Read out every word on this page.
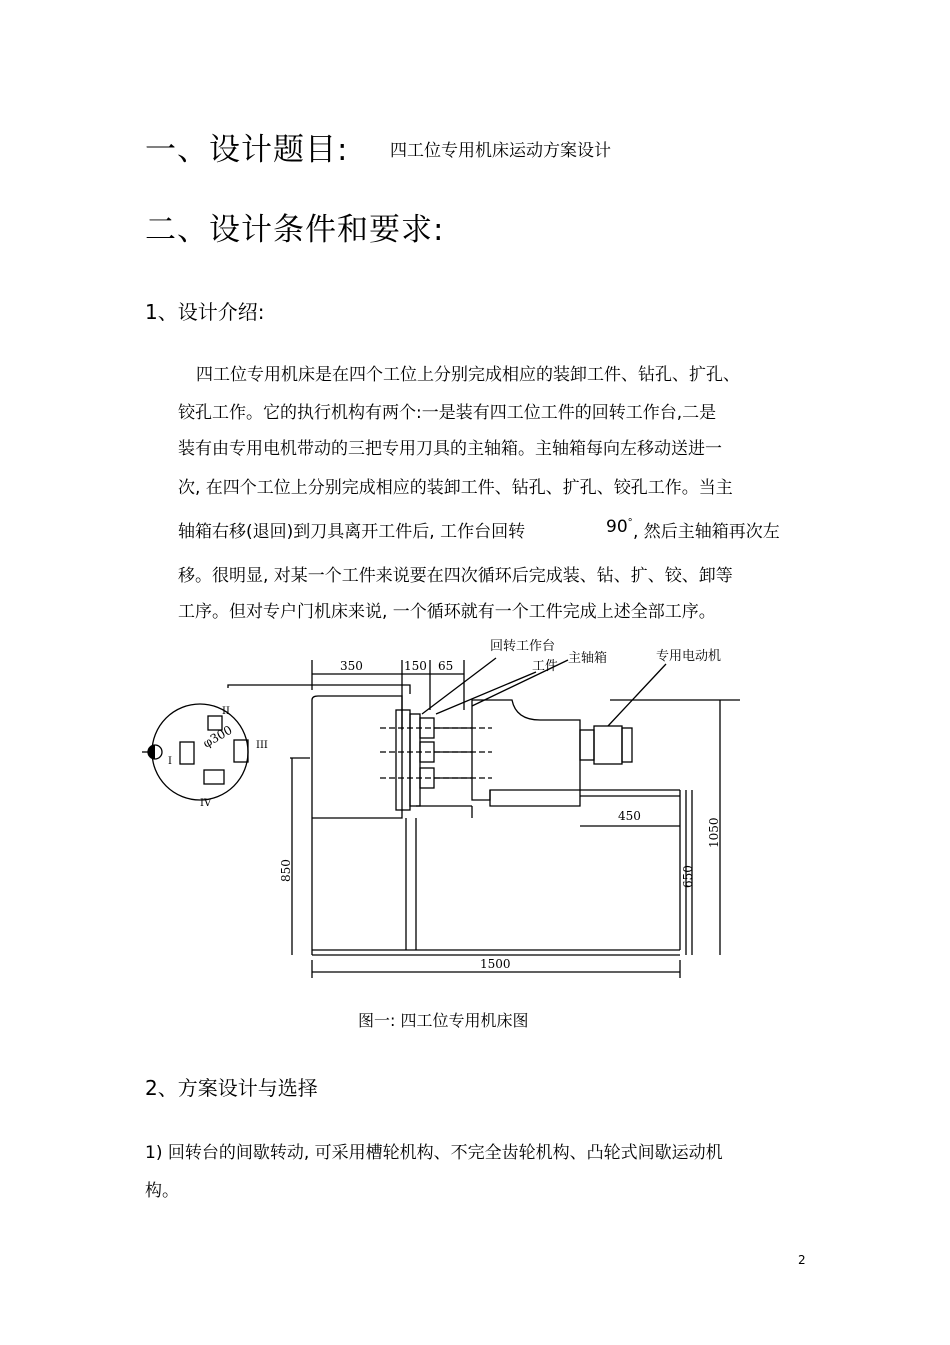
一、设计题目: 四工位专用机床运动方案设计
二、设计条件和要求:
1、设计介绍:
四工位专用机床是在四个工位上分别完成相应的装卸工件、钻孔、扩孔、
铰孔工作。它的执行机构有两个:一是装有四工位工件的回转工作台,二是
装有由专用电机带动的三把专用刀具的主轴箱。主轴箱每向左移动送进一
次, 在四个工位上分别完成相应的装卸工件、钻孔、扩孔、铰孔工作。当主
轴箱右移(退回)到刀具离开工件后, 工作台回转	90° , 然后主轴箱再次左
移。很明显, 对某一个工件来说要在四次循环后完成装、钻、扩、铰、卸等
工序。但对专户门机床来说, 一个循环就有一个工件完成上述全部工序。
350	150 65
450
1500
850	650
1050
φ300
II
III
I
IV
回转工作台
工件
主轴箱	专用电动机
图一: 四工位专用机床图
2、方案设计与选择
1) 回转台的间歇转动, 可采用槽轮机构、不完全齿轮机构、凸轮式间歇运动机
构。
2
